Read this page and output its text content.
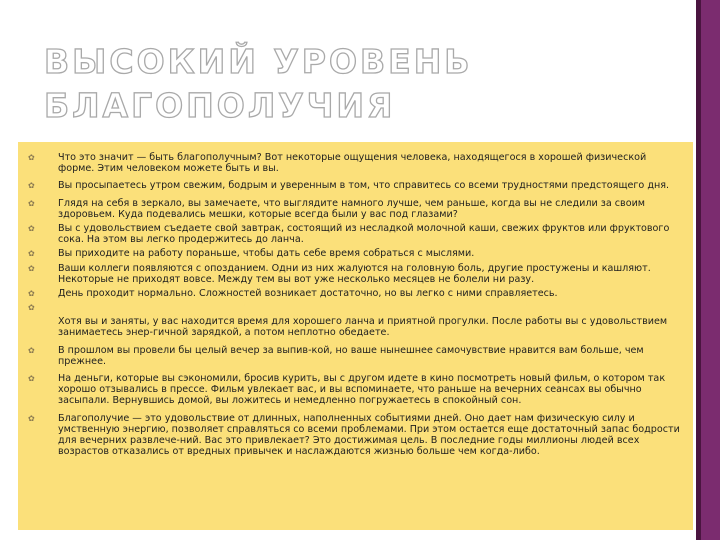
ВЫСОКИЙ УРОВЕНЬ
БЛАГОПОЛУЧИЯ
✿ Что это значит — быть благополучным? Вот некоторые ощущения человека, находящегося в хорошей физической форме. Этим человеком можете быть и вы.
✿ Вы просыпаетесь утром свежим, бодрым и уверенным в том, что справитесь со всеми трудностями предстоящего дня.
✿ Глядя на себя в зеркало, вы замечаете, что выглядите намного лучше, чем раньше, когда вы не следили за своим здоровьем. Куда подевались мешки, которые всегда были у вас под глазами?
✿ Вы с удовольствием съедаете свой завтрак, состоящий из несладкой молочной каши, свежих фруктов или фруктового сока. На этом вы легко продержитесь до ланча.
✿ Вы приходите на работу пораньше, чтобы дать себе время собраться с мыслями.
✿ Ваши коллеги появляются с опозданием. Одни из них жалуются на головную боль, другие простужены и кашляют. Некоторые не приходят вовсе. Между тем вы вот уже несколько месяцев не болели ни разу.
✿ День проходит нормально. Сложностей возникает достаточно, но вы легко с ними справляетесь.
✿
Хотя вы и заняты, у вас находится время для хорошего ланча и приятной прогулки. После работы вы с удовольствием занимаетесь энер-гичной зарядкой, а потом неплотно обедаете.
✿ В прошлом вы провели бы целый вечер за выпив-кой, но ваше нынешнее самочувствие нравится вам больше, чем прежнее.
✿ На деньги, которые вы сэкономили, бросив курить, вы с другом идете в кино посмотреть новый фильм, о котором так хорошо отзывались в прессе. Фильм увлекает вас, и вы вспоминаете, что раньше на вечерних сеансах вы обычно засыпали. Вернувшись домой, вы ложитесь и немедленно погружаетесь в спокойный сон.
✿ Благополучие — это удовольствие от длинных, наполненных событиями дней. Оно дает нам физическую силу и умственную энергию, позволяет справляться со всеми проблемами. При этом остается еще достаточный запас бодрости для вечерних развлече-ний. Вас это привлекает? Это достижимая цель. В последние годы миллионы людей всех возрастов отказались от вредных привычек и наслаждаются жизнью больше чем когда-либо.
